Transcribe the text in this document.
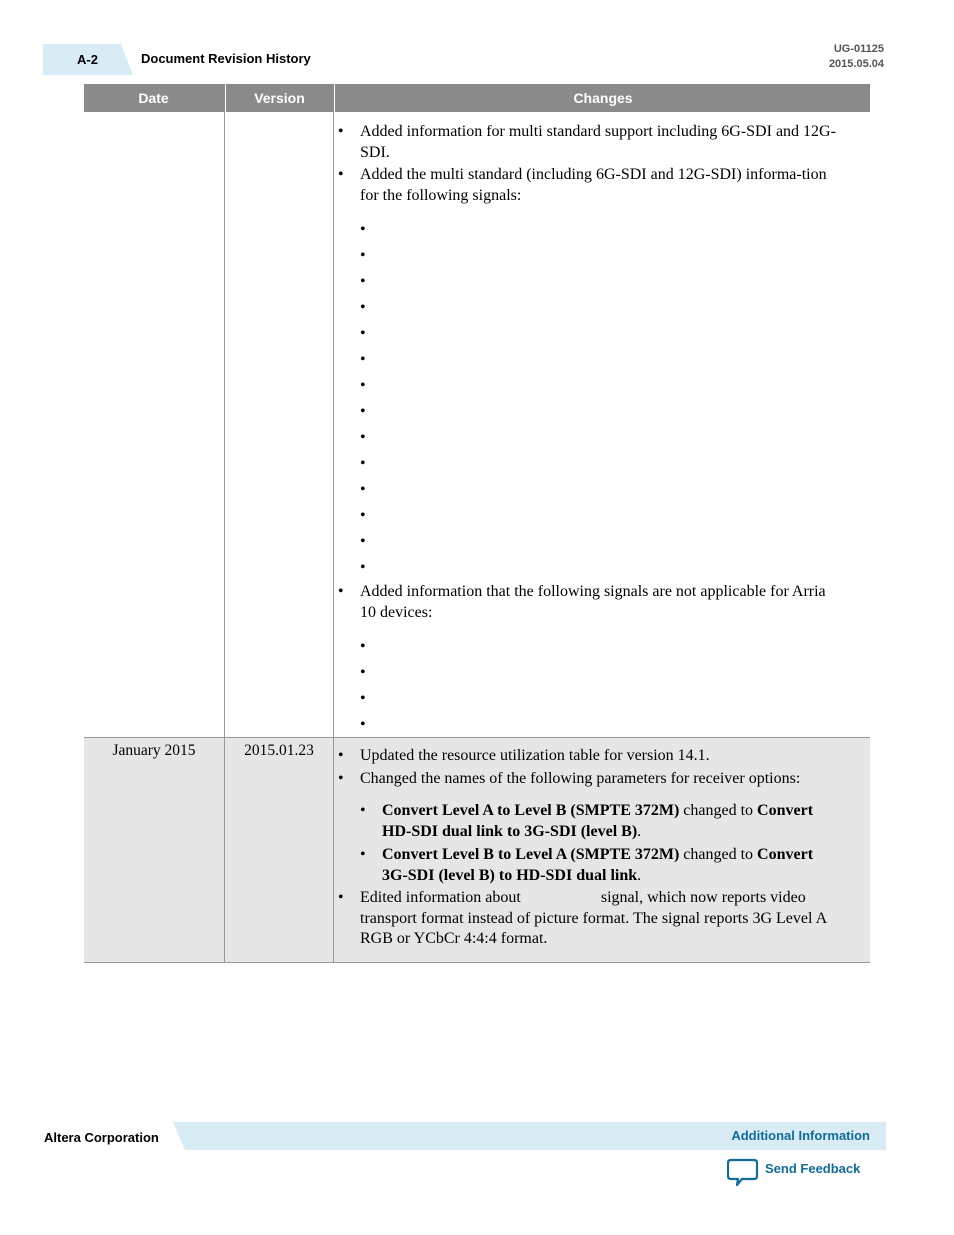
A-2	Document Revision History
UG-01125
2015.05.04
Date	Version	Changes
• Added information for multi standard support including 6G-SDI and 12G-SDI.
• Added the multi standard (including 6G-SDI and 12G-SDI) informa-tion for the following signals:
•
•
•
•
•
•
•
•
•
•
•
•
•
•
• Added information that the following signals are not applicable for Arria 10 devices:
•
•
•
•
•
•
January 2015	2015.01.23
•	Updated the resource utilization table for version 14.1.
• Changed the names of the following parameters for receiver options:
• Convert Level A to Level B (SMPTE 372M) changed to Convert HD-SDI dual link to 3G-SDI (level B).
• Convert Level B to Level A (SMPTE 372M) changed to Convert 3G-SDI (level B) to HD-SDI dual link.
• Edited information about	signal, which now reports video transport format instead of picture format. The signal reports 3G Level A RGB or YCbCr 4:4:4 format.
Altera Corporation	Additional Information
Send Feedback
